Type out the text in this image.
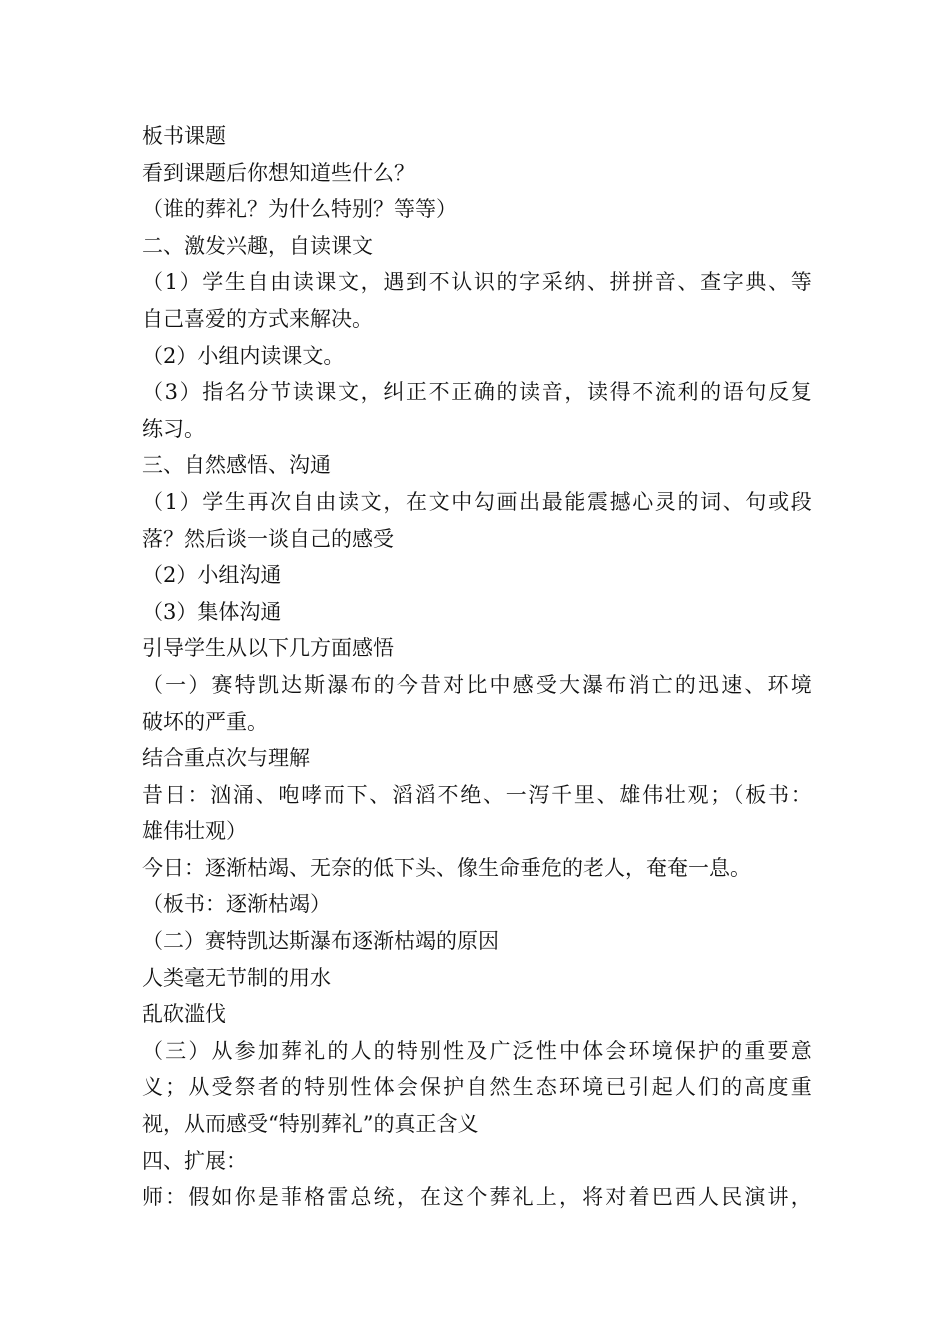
板书课题
看到课题后你想知道些什么？
（谁的葬礼？为什么特别？等等）
二、激发兴趣，自读课文
（1）学生自由读课文，遇到不认识的字采纳、拼拼音、查字典、等
自己喜爱的方式来解决。
（2）小组内读课文。
（3）指名分节读课文，纠正不正确的读音，读得不流利的语句反复
练习。
三、自然感悟、沟通
（1）学生再次自由读文，在文中勾画出最能震撼心灵的词、句或段
落？然后谈一谈自己的感受
（2）小组沟通
（3）集体沟通
引导学生从以下几方面感悟
（一）赛特凯达斯瀑布的今昔对比中感受大瀑布消亡的迅速、环境
破坏的严重。
结合重点次与理解
昔日：汹涌、咆哮而下、滔滔不绝、一泻千里、雄伟壮观；（板书：
雄伟壮观）
今日：逐渐枯竭、无奈的低下头、像生命垂危的老人，奄奄一息。
（板书：逐渐枯竭）
（二）赛特凯达斯瀑布逐渐枯竭的原因
人类毫无节制的用水
乱砍滥伐
（三）从参加葬礼的人的特别性及广泛性中体会环境保护的重要意
义；从受祭者的特别性体会保护自然生态环境已引起人们的高度重
视，从而感受“特别葬礼”的真正含义
四、扩展：
师：假如你是菲格雷总统，在这个葬礼上，将对着巴西人民演讲，
